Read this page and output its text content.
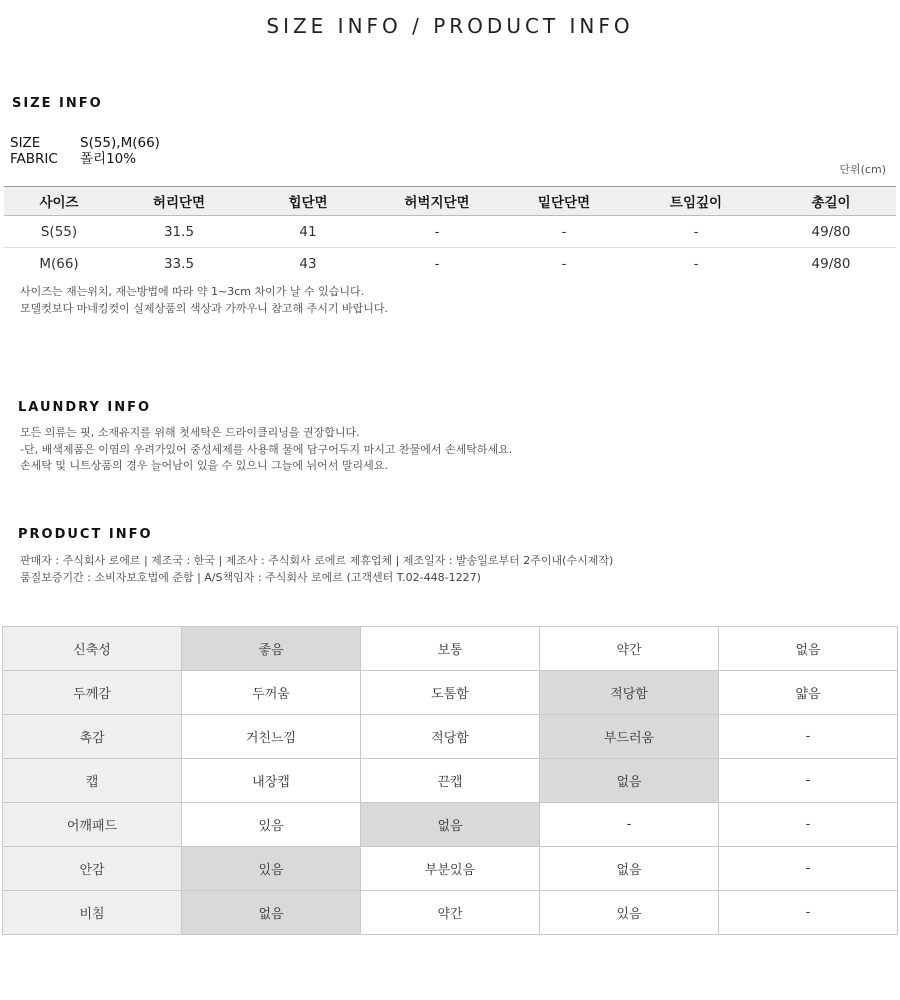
SIZE INFO / PRODUCT INFO
SIZE INFO
SIZE	S(55),M(66)
FABRIC 폴리10%
단위(cm)
사이즈	허리단면	힙단면	허벅지단면	밑단단면	트임깊이	총길이
S(55)	31.5	41	-	-	-	49/80
M(66)	33.5	43	-	-	-	49/80
사이즈는 재는위치, 재는방법에 따라 약 1~3cm 차이가 날 수 있습니다.
모델컷보다 마네킹컷이 실제상품의 색상과 가까우니 참고해 주시기 바랍니다.
LAUNDRY INFO
모든 의류는 핏, 소재유지를 위해 첫세탁은 드라이클리닝을 권장합니다.
-단, 배색제품은 이염의 우려가있어 중성세제를 사용해 물에 담구어두지 마시고 찬물에서 손세탁하세요.
손세탁 및 니트상품의 경우 늘어남이 있을 수 있으니 그늘에 뉘어서 말리세요.
PRODUCT INFO
판매자 : 주식회사 로에르 | 제조국 : 한국 | 제조사 : 주식회사 로에르 제휴업체 | 제조일자 : 발송일로부터 2주이내(수시제작)
품질보증기간 : 소비자보호법에 준함 | A/S책임자 : 주식회사 로에르 (고객센터 T.02-448-1227)
신축성	좋음	보통	약간	없음
두께감	두꺼움	도톰함	적당함	얇음
촉감	거친느낌	적당함	부드러움	-
캡	내장캡	끈캡	없음	-
어깨패드	있음	없음	-	-
안감	있음	부분있음	없음	-
비침	없음	약간	있음	-
